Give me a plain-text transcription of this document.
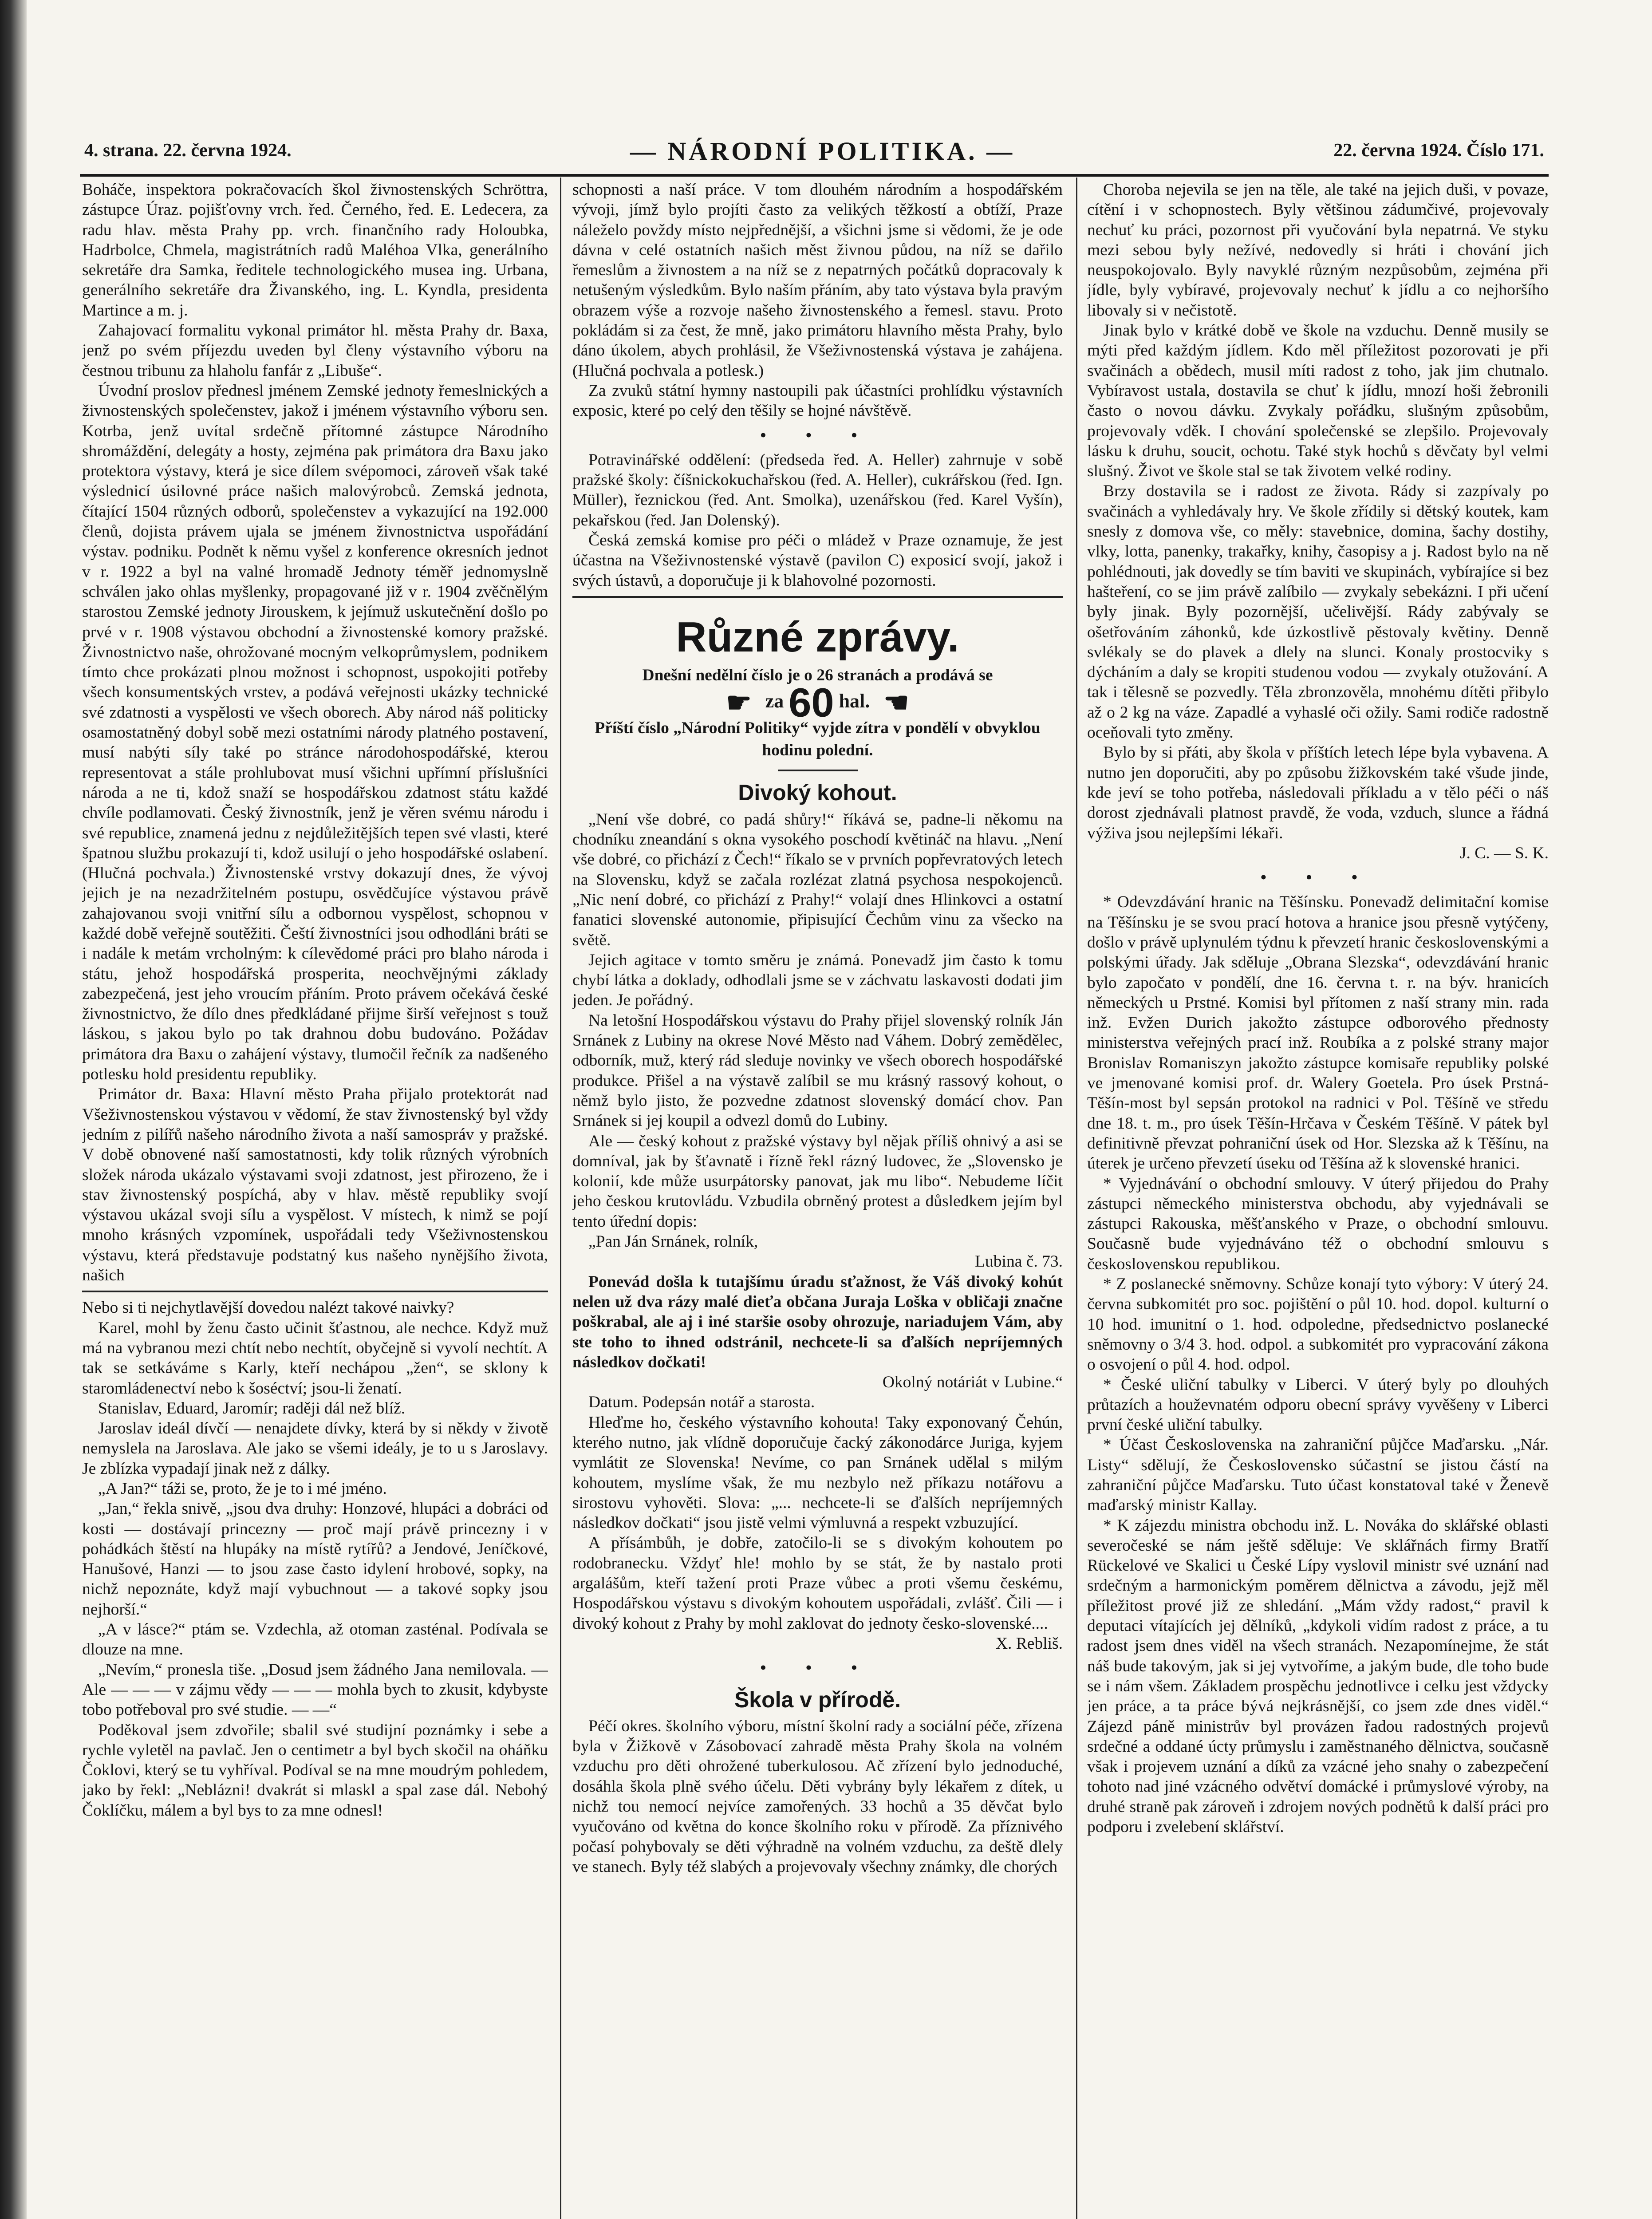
4. strana. 22. června 1924.	— NÁRODNÍ POLITIKA. —	22. června 1924. Číslo 171.

Boháče, inspektora pokračovacích škol živnostenských Schröttra, zástupce Úraz. pojišťovny vrch. řed. Černého, řed. E. Ledecera, za radu hlav. města Prahy pp. vrch. finančního rady Holoubka, Hadrbolce, Chmela, magistrátních radů Maléhoa Vlka, generálního sekretáře dra Samka, ředitele technologického musea ing. Urbana, generálního sekretáře dra Živanského, ing. L. Kyndla, presidenta Martince a m. j.

Zahajovací formalitu vykonal primátor hl. města Prahy dr. Baxa, jenž po svém příjezdu uveden byl členy výstavního výboru na čestnou tribunu za hlaholu fanfár z „Libuše“.

Úvodní proslov přednesl jménem Zemské jednoty řemeslnických a živnostenských společenstev, jakož i jménem výstavního výboru sen. Kotrba, jenž uvítal srdečně přítomné zástupce Národního shromáždění, delegáty a hosty, zejména pak primátora dra Baxu jako protektora výstavy, která je sice dílem svépomoci, zároveň však také výslednicí úsilovné práce našich malovýrobců. Zemská jednota, čítající 1504 různých odborů, společenstev a vykazující na 192.000 členů, dojista právem ujala se jménem živnostnictva uspořádání výstav. podniku. Podnět k němu vyšel z konference okresních jednot v r. 1922 a byl na valné hromadě Jednoty téměř jednomyslně schválen jako ohlas myšlenky, propagované již v r. 1904 zvěčnělým starostou Zemské jednoty Jirouskem, k jejímuž uskutečnění došlo po prvé v r. 1908 výstavou obchodní a živnostenské komory pražské. Živnostnictvo naše, ohrožované mocným velkoprůmyslem, podnikem tímto chce prokázati plnou možnost i schopnost, uspokojiti potřeby všech konsumentských vrstev, a podává veřejnosti ukázky technické své zdatnosti a vyspělosti ve všech oborech. Aby národ náš politicky osamostatněný dobyl sobě mezi ostatními národy platného postavení, musí nabýti síly také po stránce národohospodářské, kterou representovat a stále prohlubovat musí všichni upřímní příslušníci národa a ne ti, kdož snaží se hospodářskou zdatnost státu každé chvíle podlamovati. Český živnostník, jenž je věren svému národu i své republice, znamená jednu z nejdůležitějších tepen své vlasti, které špatnou službu prokazují ti, kdož usilují o jeho hospodářské oslabení. (Hlučná pochvala.) Živnostenské vrstvy dokazují dnes, že vývoj jejich je na nezadržitelném postupu, osvědčujíce výstavou právě zahajovanou svoji vnitřní sílu a odbornou vyspělost, schopnou v každé době veřejně soutěžiti. Čeští živnostníci jsou odhodláni bráti se i nadále k metám vrcholným: k cílevědomé práci pro blaho národa i státu, jehož hospodářská prosperita, neochvějnými základy zabezpečená, jest jeho vroucím přáním. Proto právem očekává české živnostnictvo, že dílo dnes předkládané přijme širší veřejnost s touž láskou, s jakou bylo po tak drahnou dobu budováno. Požádav primátora dra Baxu o zahájení výstavy, tlumočil řečník za nadšeného potlesku hold presidentu republiky.

Primátor dr. Baxa: Hlavní město Praha přijalo protektorát nad Všeživnostenskou výstavou v vědomí, že stav živnostenský byl vždy jedním z pilířů našeho národního života a naší samospráv y pražské. V době obnovené naší samostatnosti, kdy tolik různých výrobních složek národa ukázalo výstavami svoji zdatnost, jest přirozeno, že i stav živnostenský pospíchá, aby v hlav. městě republiky svojí výstavou ukázal svoji sílu a vyspělost. V místech, k nimž se pojí mnoho krásných vzpomínek, uspořádali tedy Všeživnostenskou výstavu, která představuje podstatný kus našeho nynějšího života, našich

Nebo si ti nejchytlavější dovedou nalézt takové naivky?

Karel, mohl by ženu často učinit šťastnou, ale nechce. Když muž má na vybranou mezi chtít nebo nechtít, obyčejně si vyvolí nechtít. A tak se setkáváme s Karly, kteří nechápou „žen“, se sklony k staromládenectví nebo k šoséctví; jsou-li ženatí.

Stanislav, Eduard, Jaromír; raději dál než blíž.

Jaroslav ideál dívčí — nenajdete dívky, která by si někdy v životě nemyslela na Jaroslava. Ale jako se všemi ideály, je to u s Jaroslavy. Je zblízka vypadají jinak než z dálky.

„A Jan?“ táži se, proto, že je to i mé jméno.

„Jan,“ řekla snivě, „jsou dva druhy: Honzové, hlupáci a dobráci od kosti — dostávají princezny — proč mají právě princezny i v pohádkách štěstí na hlupáky na místě rytířů? a Jendové, Jeníčkové, Hanušové, Hanzi — to jsou zase často idylení hrobové, sopky, na nichž nepoznáte, když mají vybuchnout — a takové sopky jsou nejhorší.“

„A v lásce?“ ptám se. Vzdechla, až otoman zasténal. Podívala se dlouze na mne.

„Nevím,“ pronesla tiše. „Dosud jsem žádného Jana nemilovala. — Ale — — — v zájmu vědy — — — mohla bych to zkusit, kdybyste tobo potřeboval pro své studie. — —“

Poděkoval jsem zdvořile; sbalil své studijní poznámky i sebe a rychle vyletěl na pavlač. Jen o centimetr a byl bych skočil na oháňku Čoklovi, který se tu vyhříval. Podíval se na mne moudrým pohledem, jako by řekl: „Neblázni! dvakrát si mlaskl a spal zase dál. Nebohý Čoklíčku, málem a byl bys to za mne odnesl!

schopnosti a naší práce. V tom dlouhém národním a hospodářském vývoji, jímž bylo projíti často za velikých těžkostí a obtíží, Praze náleželo povždy místo nejpřednější, a všichni jsme si vědomi, že je ode dávna v celé ostatních našich měst živnou půdou, na níž se dařilo řemeslům a živnostem a na níž se z nepatrných počátků dopracovaly k netušeným výsledkům. Bylo naším přáním, aby tato výstava byla pravým obrazem výše a rozvoje našeho živnostenského a řemesl. stavu. Proto pokládám si za čest, že mně, jako primátoru hlavního města Prahy, bylo dáno úkolem, abych prohlásil, že Všeživnostenská výstava je zahájena. (Hlučná pochvala a potlesk.)

Za zvuků státní hymny nastoupili pak účastníci prohlídku výstavních exposic, které po celý den těšily se hojné návštěvě.

• • •

Potravinářské oddělení: (předseda řed. A. Heller) zahrnuje v sobě pražské školy: číšnickokuchařskou (řed. A. Heller), cukrářskou (řed. Ign. Müller), řeznickou (řed. Ant. Smolka), uzenářskou (řed. Karel Vyšín), pekařskou (řed. Jan Dolenský).

Česká zemská komise pro péči o mládež v Praze oznamuje, že jest účastna na Všeživnostenské výstavě (pavilon C) exposicí svojí, jakož i svých ústavů, a doporučuje ji k blahovolné pozornosti.

Různé zprávy.
Dnešní nedělní číslo je o 26 stranách a prodává se
☛ za 60 hal. ☚
Příští číslo „Národní Politiky“ vyjde zítra v pondělí v obvyklou hodinu polední.
Divoký kohout.

„Není vše dobré, co padá shůry!“ říkává se, padne-li někomu na chodníku zneandání s okna vysokého poschodí květináč na hlavu. „Není vše dobré, co přichází z Čech!“ říkalo se v prvních popřevratových letech na Slovensku, když se začala rozlézat zlatná psychosa nespokojenců. „Nic není dobré, co přichází z Prahy!“ volají dnes Hlinkovci a ostatní fanatici slovenské autonomie, připisující Čechům vinu za všecko na světě.

Jejich agitace v tomto směru je známá. Ponevadž jim často k tomu chybí látka a doklady, odhodlali jsme se v záchvatu laskavosti dodati jim jeden. Je pořádný.

Na letošní Hospodářskou výstavu do Prahy přijel slovenský rolník Ján Srnánek z Lubiny na okrese Nové Město nad Váhem. Dobrý zemědělec, odborník, muž, který rád sleduje novinky ve všech oborech hospodářské produkce. Přišel a na výstavě zalíbil se mu krásný rassový kohout, o němž bylo jisto, že pozvedne zdatnost slovenský domácí chov. Pan Srnánek si jej koupil a odvezl domů do Lubiny.

Ale — český kohout z pražské výstavy byl nějak příliš ohnivý a asi se domníval, jak by šťavnatě i řízně řekl rázný ludovec, že „Slovensko je kolonií, kde může usurpátorsky panovat, jak mu libo“. Nebudeme líčit jeho českou krutovládu. Vzbudila obrněný protest a důsledkem jejím byl tento úřední dopis:

„Pan Ján Srnánek, rolník,

Lubina č. 73.

Ponevád došla k tutajšímu úradu sťažnost, že Váš divoký kohút nelen už dva rázy malé dieťa občana Juraja Loška v obličaji značne poškrabal, ale aj i iné staršie osoby ohrozuje, nariadujem Vám, aby ste toho to ihned odstránil, nechcete-li sa ďalších nepríjemných následkov dočkati!

Okolný notáriát v Lubine.“

Datum. Podepsán notář a starosta.

Hleďme ho, českého výstavního kohouta! Taky exponovaný Čehún, kterého nutno, jak vlídně doporučuje čacký zákonodárce Juriga, kyjem vymlátit ze Slovenska! Nevíme, co pan Srnánek udělal s milým kohoutem, myslíme však, že mu nezbylo než příkazu notářovu a sirostovu vyhověti. Slova: „... nechcete-li se ďalších nepríjemných následkov dočkati“ jsou jistě velmi výmluvná a respekt vzbuzující.

A přísámbůh, je dobře, zatočilo-li se s divokým kohoutem po rodobranecku. Vždyť hle! mohlo by se stát, že by nastalo proti argalášům, kteří tažení proti Praze vůbec a proti všemu českému, Hospodářskou výstavu s divokým kohoutem uspořádali, zvlášť. Čili — i divoký kohout z Prahy by mohl zaklovat do jednoty česko-slovenské....

X. Rebliš.

• • •
Škola v přírodě.

Péčí okres. školního výboru, místní školní rady a sociální péče, zřízena byla v Žižkově v Zásobovací zahradě města Prahy škola na volném vzduchu pro děti ohrožené tuberkulosou. Ač zřízení bylo jednoduché, dosáhla škola plně svého účelu. Děti vybrány byly lékařem z dítek, u nichž tou nemocí nejvíce zamořených. 33 hochů a 35 děvčat bylo vyučováno od května do konce školního roku v přírodě. Za příznivého počasí pohybovaly se děti výhradně na volném vzduchu, za deště dlely ve stanech. Byly též slabých a projevovaly všechny známky, dle chorých

Choroba nejevila se jen na těle, ale také na jejich duši, v povaze, cítění i v schopnostech. Byly většinou zádumčivé, projevovaly nechuť ku práci, pozornost při vyučování byla nepatrná. Ve styku mezi sebou byly nežívé, nedovedly si hráti i chování jich neuspokojovalo. Byly navyklé různým nezpůsobům, zejména při jídle, byly vybíravé, projevovaly nechuť k jídlu a co nejhoršího libovaly si v nečistotě.

Jinak bylo v krátké době ve škole na vzduchu. Denně musily se mýti před každým jídlem. Kdo měl příležitost pozorovati je při svačinách a obědech, musil míti radost z toho, jak jim chutnalo. Vybíravost ustala, dostavila se chuť k jídlu, mnozí hoši žebronili často o novou dávku. Zvykaly pořádku, slušným způsobům, projevovaly vděk. I chování společenské se zlepšilo. Projevovaly lásku k druhu, soucit, ochotu. Také styk hochů s děvčaty byl velmi slušný. Život ve škole stal se tak životem velké rodiny.

Brzy dostavila se i radost ze života. Rády si zazpívaly po svačinách a vyhledávaly hry. Ve škole zřídily si dětský koutek, kam snesly z domova vše, co měly: stavebnice, domina, šachy dostihy, vlky, lotta, panenky, trakařky, knihy, časopisy a j. Radost bylo na ně pohlédnouti, jak dovedly se tím baviti ve skupinách, vybírajíce si bez hašteření, co se jim právě zalíbilo — zvykaly sebekázni. I při učení byly jinak. Byly pozornější, učelivější. Rády zabývaly se ošetřováním záhonků, kde úzkostlivě pěstovaly květiny. Denně svlékaly se do plavek a dlely na slunci. Konaly prostocviky s dýcháním a daly se kropiti studenou vodou — zvykaly otužování. A tak i tělesně se pozvedly. Těla zbronzověla, mnohému dítěti přibylo až o 2 kg na váze. Zapadlé a vyhaslé oči ožily. Sami rodiče radostně oceňovali tyto změny.

Bylo by si přáti, aby škola v příštích letech lépe byla vybavena. A nutno jen doporučiti, aby po způsobu žižkovském také všude jinde, kde jeví se toho potřeba, následovali příkladu a v tělo péči o náš dorost zjednávali platnost pravdě, že voda, vzduch, slunce a řádná výživa jsou nejlepšími lékaři.

J. C. — S. K.

• • •

* Odevzdávání hranic na Těšínsku. Ponevadž delimitační komise na Těšínsku je se svou prací hotova a hranice jsou přesně vytýčeny, došlo v právě uplynulém týdnu k převzetí hranic československými a polskými úřady. Jak sděluje „Obrana Slezska“, odevzdávání hranic bylo započato v pondělí, dne 16. června t. r. na býv. hranicích německých u Prstné. Komisi byl přítomen z naší strany min. rada inž. Evžen Durich jakožto zástupce odborového přednosty ministerstva veřejných prací inž. Roubíka a z polské strany major Bronislav Romaniszyn jakožto zástupce komisaře republiky polské ve jmenované komisi prof. dr. Walery Goetela. Pro úsek Prstná-Těšín-most byl sepsán protokol na radnici v Pol. Těšíně ve středu dne 18. t. m., pro úsek Těšín-Hrčava v Českém Těšíně. V pátek byl definitivně převzat pohraniční úsek od Hor. Slezska až k Těšínu, na úterek je určeno převzetí úseku od Těšína až k slovenské hranici.

* Vyjednávání o obchodní smlouvy. V úterý přijedou do Prahy zástupci německého ministerstva obchodu, aby vyjednávali se zástupci Rakouska, měšťanského v Praze, o obchodní smlouvu. Současně bude vyjednáváno též o obchodní smlouvu s československou republikou.

* Z poslanecké sněmovny. Schůze konají tyto výbory: V úterý 24. června subkomitét pro soc. pojištění o půl 10. hod. dopol. kulturní o 10 hod. imunitní o 1. hod. odpoledne, předsednictvo poslanecké sněmovny o 3/4 3. hod. odpol. a subkomitét pro vypracování zákona o osvojení o půl 4. hod. odpol.

* České uliční tabulky v Liberci. V úterý byly po dlouhých průtazích a houževnatém odporu obecní správy vyvěšeny v Liberci první české uliční tabulky.

* Účast Československa na zahraniční půjčce Maďarsku. „Nár. Listy“ sdělují, že Československo súčastní se jistou částí na zahraniční půjčce Maďarsku. Tuto účast konstatoval také v Ženevě maďarský ministr Kallay.

* K zájezdu ministra obchodu inž. L. Nováka do sklářské oblasti severočeské se nám ještě sděluje: Ve sklářnách firmy Bratří Rückelové ve Skalici u České Lípy vyslovil ministr své uznání nad srdečným a harmonickým poměrem dělnictva a závodu, jejž měl příležitost prové již ze shledání. „Mám vždy radost,“ pravil k deputaci vítajících jej dělníků, „kdykoli vidím radost z práce, a tu radost jsem dnes viděl na všech stranách. Nezapomínejme, že stát náš bude takovým, jak si jej vytvoříme, a jakým bude, dle toho bude se i nám všem. Základem prospěchu jednotlivce i celku jest vždycky jen práce, a ta práce bývá nejkrásnější, co jsem zde dnes viděl.“ Zájezd páně ministrův byl provázen řadou radostných projevů srdečné a oddané úcty průmyslu i zaměstnaného dělnictva, současně však i projevem uznání a díků za vzácné jeho snahy o zabezpečení tohoto nad jiné vzácného odvětví domácké i průmyslové výroby, na druhé straně pak zároveň i zdrojem nových podnětů k další práci pro podporu i zvelebení sklářství.
